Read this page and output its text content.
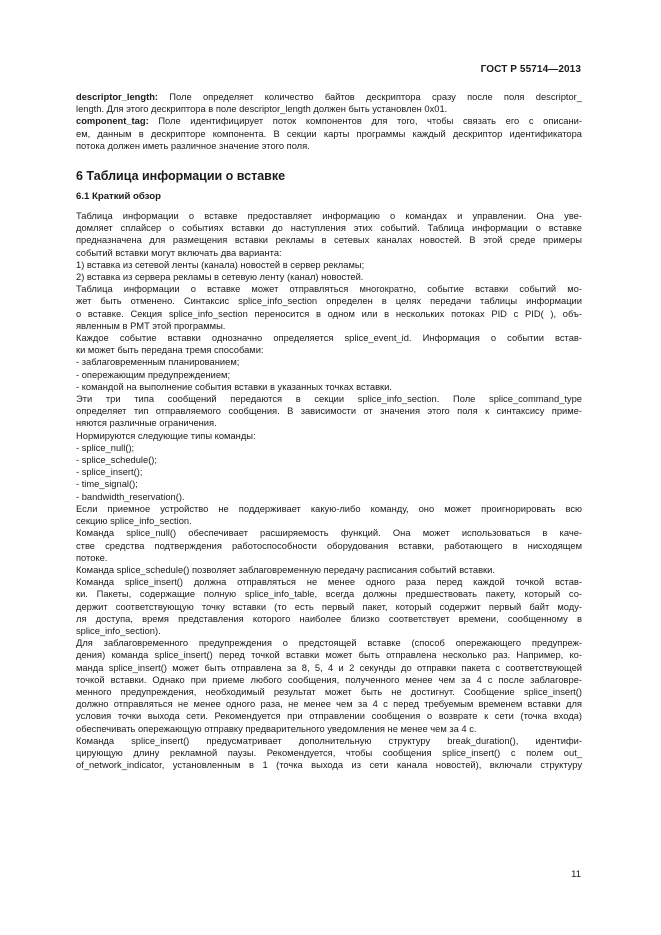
ГОСТ Р 55714—2013
descriptor_length: Поле определяет количество байтов дескриптора сразу после поля descriptor_
length. Для этого дескриптора в поле descriptor_length должен быть установлен 0x01.
component_tag: Поле идентифицирует поток компонентов для того, чтобы связать его с описани-
ем, данным в дескрипторе компонента. В секции карты программы каждый дескриптор идентификатора
потока должен иметь различное значение этого поля.
6 Таблица информации о вставке
6.1 Краткий обзор
Таблица информации о вставке предоставляет информацию о командах и управлении. Она уве-
домляет сплайсер о событиях вставки до наступления этих событий. Таблица информации о вставке
предназначена для размещения вставки рекламы в сетевых каналах новостей. В этой среде примеры
событий вставки могут включать два варианта:
1) вставка из сетевой ленты (канала) новостей в сервер рекламы;
2) вставка из сервера рекламы в сетевую ленту (канал) новостей.
Таблица информации о вставке может отправляться многократно, событие вставки событий мо-
жет быть отменено. Синтаксис splice_info_section определен в целях передачи таблицы информации
о вставке. Секция splice_info_section переносится в одном или в нескольких потоках PID с PID( ), объ-
явленным в PMT этой программы.
Каждое событие вставки однозначно определяется splice_event_id. Информация о событии встав-
ки может быть передана тремя способами:
- заблаговременным планированием;
- опережающим предупреждением;
- командой на выполнение события вставки в указанных точках вставки.
Эти три типа сообщений передаются в секции splice_info_section. Поле splice_command_type
определяет тип отправляемого сообщения. В зависимости от значения этого поля к синтаксису приме-
няются различные ограничения.
Нормируются следующие типы команды:
- splice_null();
- splice_schedule();
- splice_insert();
- time_signal();
- bandwidth_reservation().
Если приемное устройство не поддерживает какую-либо команду, оно может проигнорировать всю
секцию splice_info_section.
Команда splice_null() обеспечивает расширяемость функций. Она может использоваться в каче-
стве средства подтверждения работоспособности оборудования вставки, работающего в нисходящем
потоке.
Команда splice_schedule() позволяет заблаговременную передачу расписания событий вставки.
Команда splice_insert() должна отправляться не менее одного раза перед каждой точкой встав-
ки. Пакеты, содержащие полную splice_info_table, всегда должны предшествовать пакету, который со-
держит соответствующую точку вставки (то есть первый пакет, который содержит первый байт моду-
ля доступа, время представления которого наиболее близко соответствует времени, сообщенному в
splice_info_section).
Для заблаговременного предупреждения о предстоящей вставке (способ опережающего предупреж-
дения) команда splice_insert() перед точкой вставки может быть отправлена несколько раз. Например, ко-
манда splice_insert() может быть отправлена за 8, 5, 4 и 2 секунды до отправки пакета с соответствующей
точкой вставки. Однако при приеме любого сообщения, полученного менее чем за 4 с после заблаговре-
менного предупреждения, необходимый результат может быть не достигнут. Сообщение splice_insert()
должно отправляться не менее одного раза, не менее чем за 4 с перед требуемым временем вставки для
условия точки выхода сети. Рекомендуется при отправлении сообщения о возврате к сети (точка входа)
обеспечивать опережающую отправку предварительного уведомления не менее чем за 4 с.
Команда splice_insert() предусматривает дополнительную структуру break_duration(), идентифи-
цирующую длину рекламной паузы. Рекомендуется, чтобы сообщения splice_insert() с полем out_
of_network_indicator, установленным в 1 (точка выхода из сети канала новостей), включали структуру
11
